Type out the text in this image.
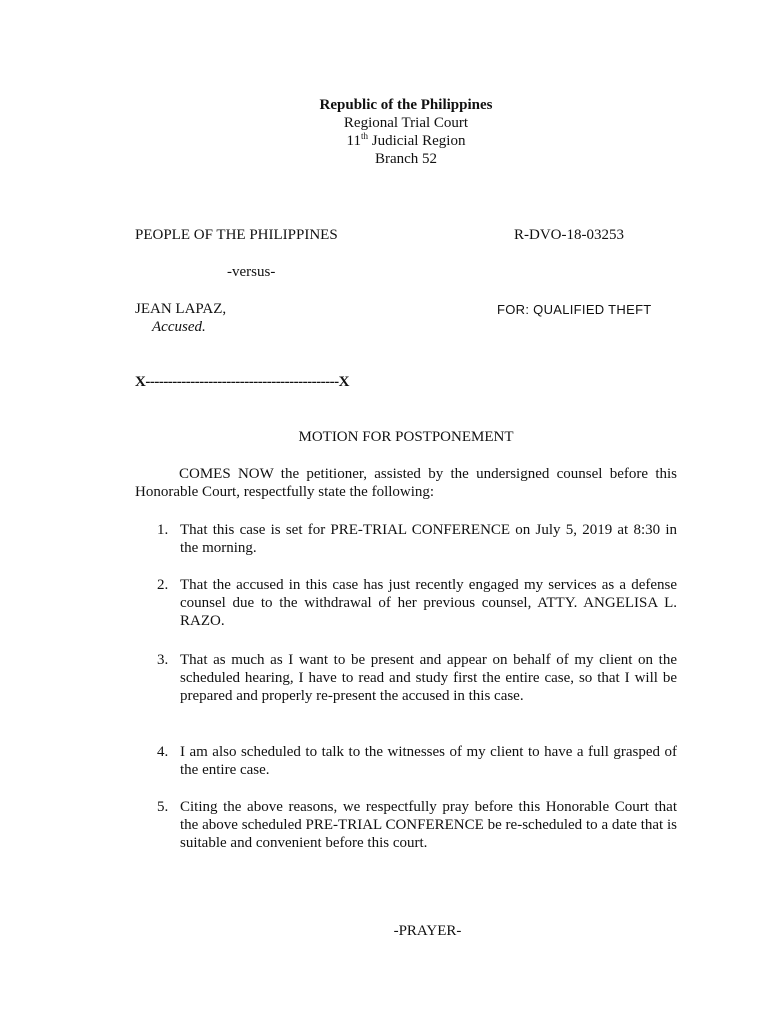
Republic of the Philippines
Regional Trial Court
11th Judicial Region
Branch 52
PEOPLE OF THE PHILIPPINES	R-DVO-18-03253
-versus-
JEAN LAPAZ,	FOR: QUALIFIED THEFT
Accused.
X-------------------------------------------X
MOTION FOR POSTPONEMENT
COMES NOW the petitioner, assisted by the undersigned counsel before this Honorable Court, respectfully state the following:
1. That this case is set for PRE-TRIAL CONFERENCE on July 5, 2019 at 8:30 in the morning.
2. That the accused in this case has just recently engaged my services as a defense counsel due to the withdrawal of her previous counsel, ATTY. ANGELISA L. RAZO.
3. That as much as I want to be present and appear on behalf of my client on the scheduled hearing, I have to read and study first the entire case, so that I will be prepared and properly re-present the accused in this case.
4. I am also scheduled to talk to the witnesses of my client to have a full grasped of the entire case.
5. Citing the above reasons, we respectfully pray before this Honorable Court that the above scheduled PRE-TRIAL CONFERENCE be re-scheduled to a date that is suitable and convenient before this court.
-PRAYER-
